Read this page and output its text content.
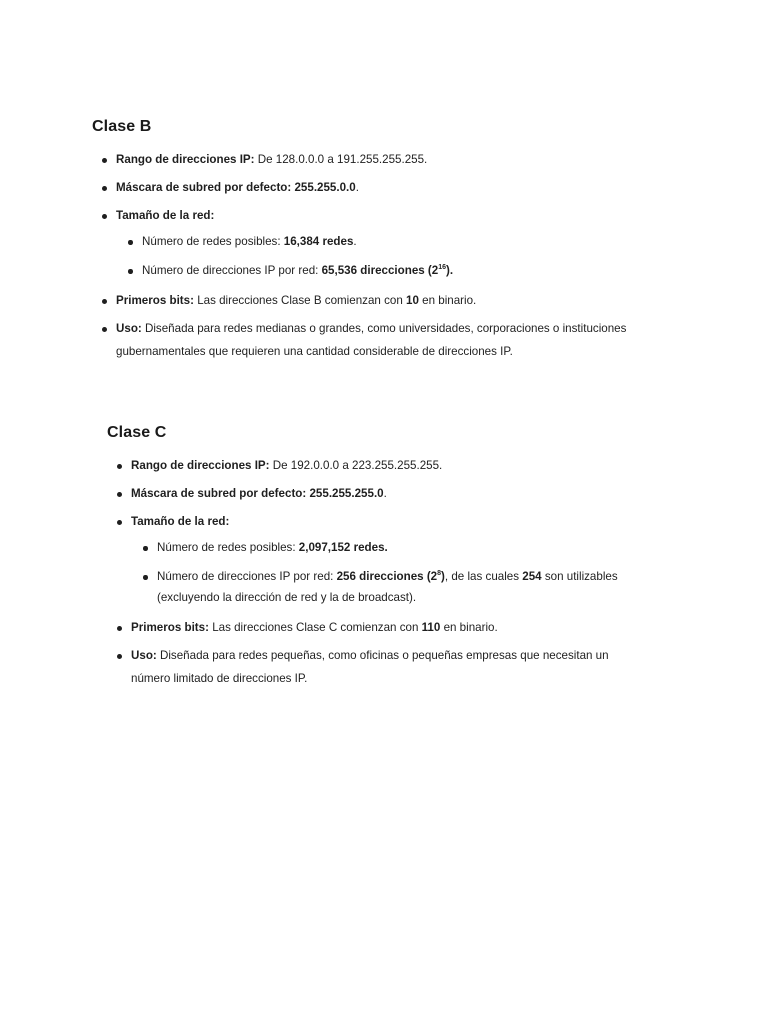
Clase B
Rango de direcciones IP: De 128.0.0.0 a 191.255.255.255.
Máscara de subred por defecto: 255.255.0.0.
Tamaño de la red:
Número de redes posibles: 16,384 redes.
Número de direcciones IP por red: 65,536 direcciones $(2^{16})$.
Primeros bits: Las direcciones Clase B comienzan con 10 en binario.
Uso: Diseñada para redes medianas o grandes, como universidades, corporaciones o instituciones gubernamentales que requieren una cantidad considerable de direcciones IP.
Clase C
Rango de direcciones IP: De 192.0.0.0 a 223.255.255.255.
Máscara de subred por defecto: 255.255.255.0.
Tamaño de la red:
Número de redes posibles: 2,097,152 redes.
Número de direcciones IP por red: 256 direcciones $(2^8)$, de las cuales 254 son utilizables (excluyendo la dirección de red y la de broadcast).
Primeros bits: Las direcciones Clase C comienzan con 110 en binario.
Uso: Diseñada para redes pequeñas, como oficinas o pequeñas empresas que necesitan un número limitado de direcciones IP.
